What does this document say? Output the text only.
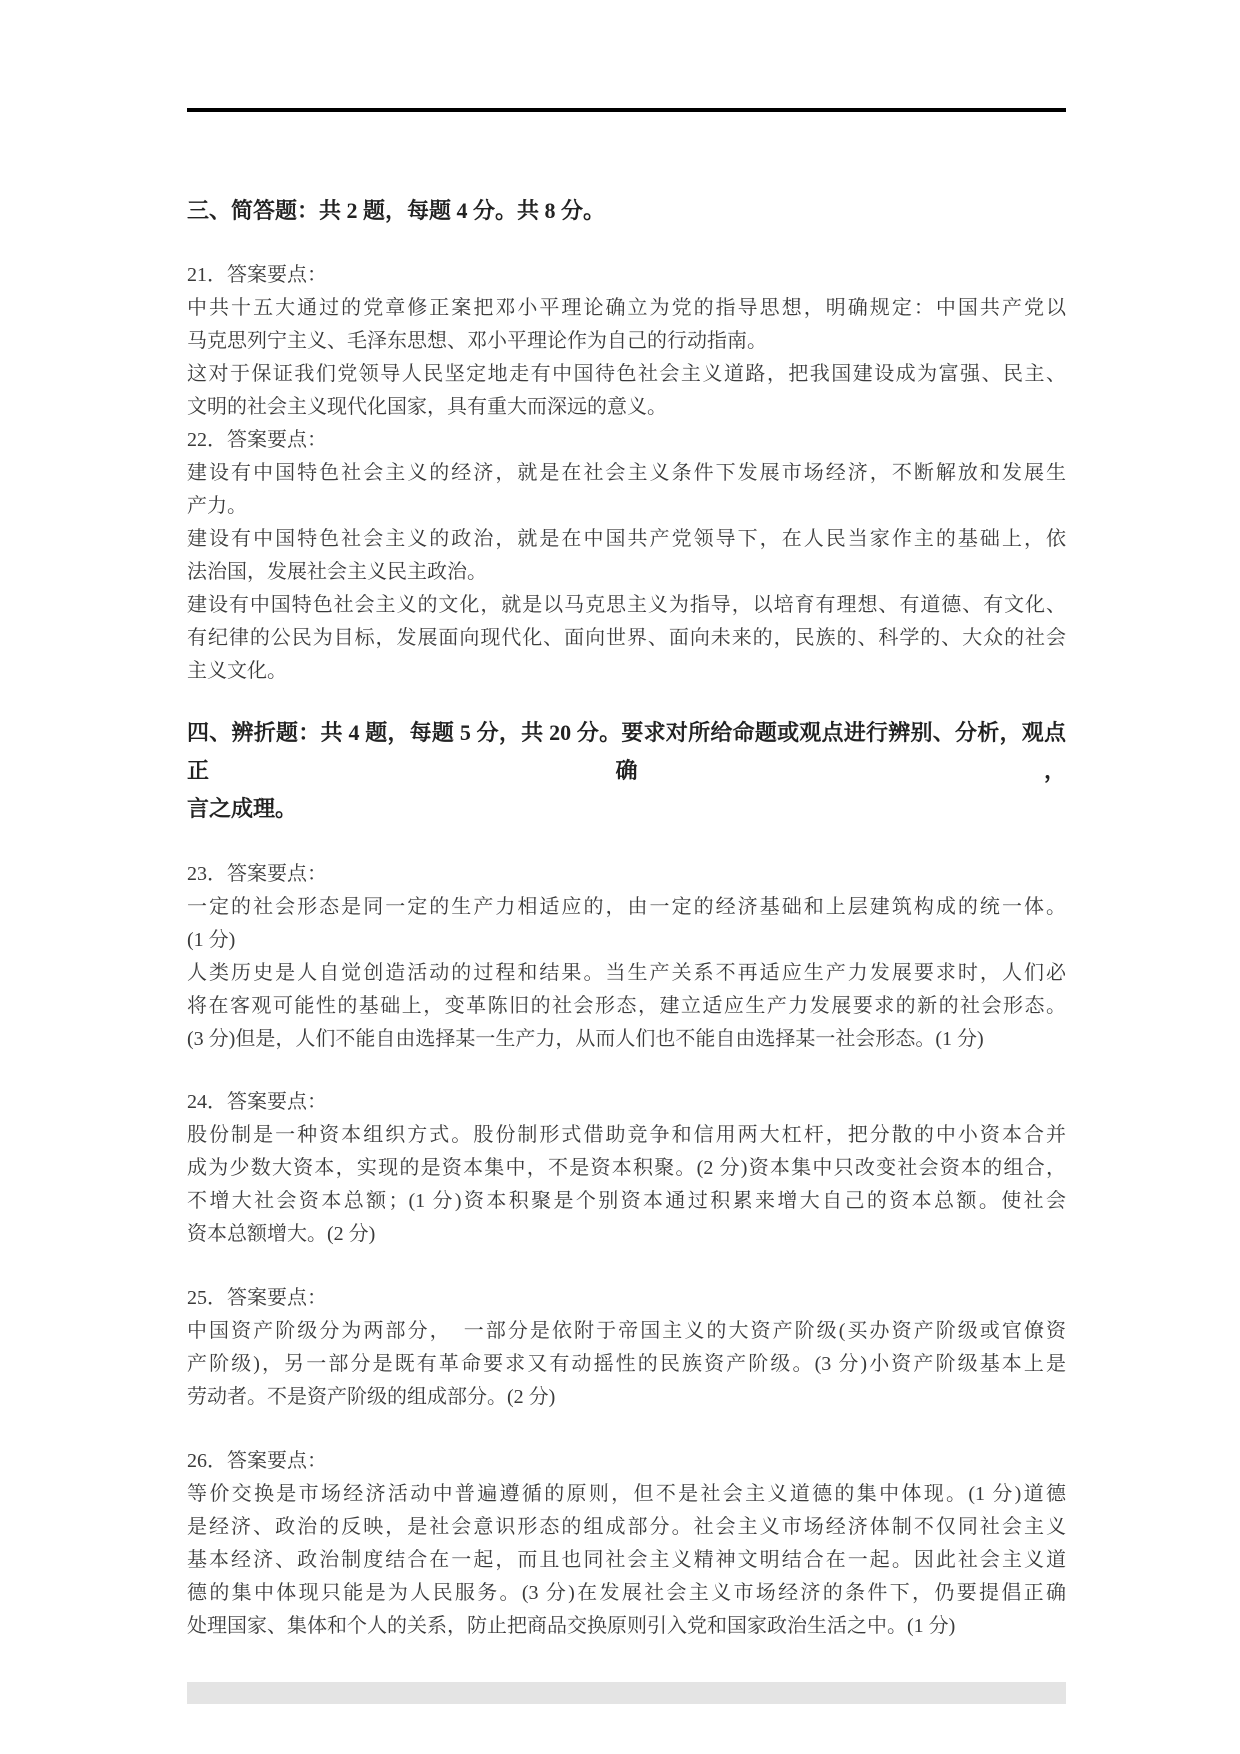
三、简答题：共 2 题，每题 4 分。共 8 分。

21．答案要点：

中共十五大通过的党章修正案把邓小平理论确立为党的指导思想，明确规定：中国共产党以

马克思列宁主义、毛泽东思想、邓小平理论作为自己的行动指南。

这对于保证我们党领导人民坚定地走有中国待色社会主义道路，把我国建设成为富强、民主、

文明的社会主义现代化国家，具有重大而深远的意义。

22．答案要点：

建设有中国特色社会主义的经济，就是在社会主义条件下发展市场经济，不断解放和发展生

产力。

建设有中国特色社会主义的政治，就是在中国共产党领导下，在人民当家作主的基础上，依

法治国，发展社会主义民主政治。

建设有中国特色社会主义的文化，就是以马克思主义为指导，以培育有理想、有道德、有文化、

有纪律的公民为目标，发展面向现代化、面向世界、面向未来的，民族的、科学的、大众的社会

主义文化。

四、辨折题：共 4 题，每题 5 分，共 20 分。要求对所给命题或观点进行辨别、分析，观点正确，

言之成理。

23．答案要点：

一定的社会形态是同一定的生产力相适应的，由一定的经济基础和上层建筑构成的统一体。

(1 分)

人类历史是人自觉创造活动的过程和结果。当生产关系不再适应生产力发展要求时，人们必

将在客观可能性的基础上，变革陈旧的社会形态，建立适应生产力发展要求的新的社会形态。

(3 分)但是，人们不能自由选择某一生产力，从而人们也不能自由选择某一社会形态。(1 分)

24．答案要点：

股份制是一种资本组织方式。股份制形式借助竞争和信用两大杠杆，把分散的中小资本合并

成为少数大资本，实现的是资本集中，不是资本积聚。(2 分)资本集中只改变社会资本的组合，

不增大社会资本总额；(1 分)资本积聚是个别资本通过积累来增大自己的资本总额。使社会

资本总额增大。(2 分)

25．答案要点：

中国资产阶级分为两部分，　一部分是依附于帝国主义的大资产阶级(买办资产阶级或官僚资

产阶级)，另一部分是既有革命要求又有动摇性的民族资产阶级。(3 分)小资产阶级基本上是

劳动者。不是资产阶级的组成部分。(2 分)

26．答案要点：

等价交换是市场经济活动中普遍遵循的原则，但不是社会主义道德的集中体现。(1 分)道德

是经济、政治的反映，是社会意识形态的组成部分。社会主义市场经济体制不仅同社会主义

基本经济、政治制度结合在一起，而且也同社会主义精神文明结合在一起。因此社会主义道

德的集中体现只能是为人民服务。(3 分)在发展社会主义市场经济的条件下，仍要提倡正确

处理国家、集体和个人的关系，防止把商品交换原则引入党和国家政治生活之中。(1 分)
